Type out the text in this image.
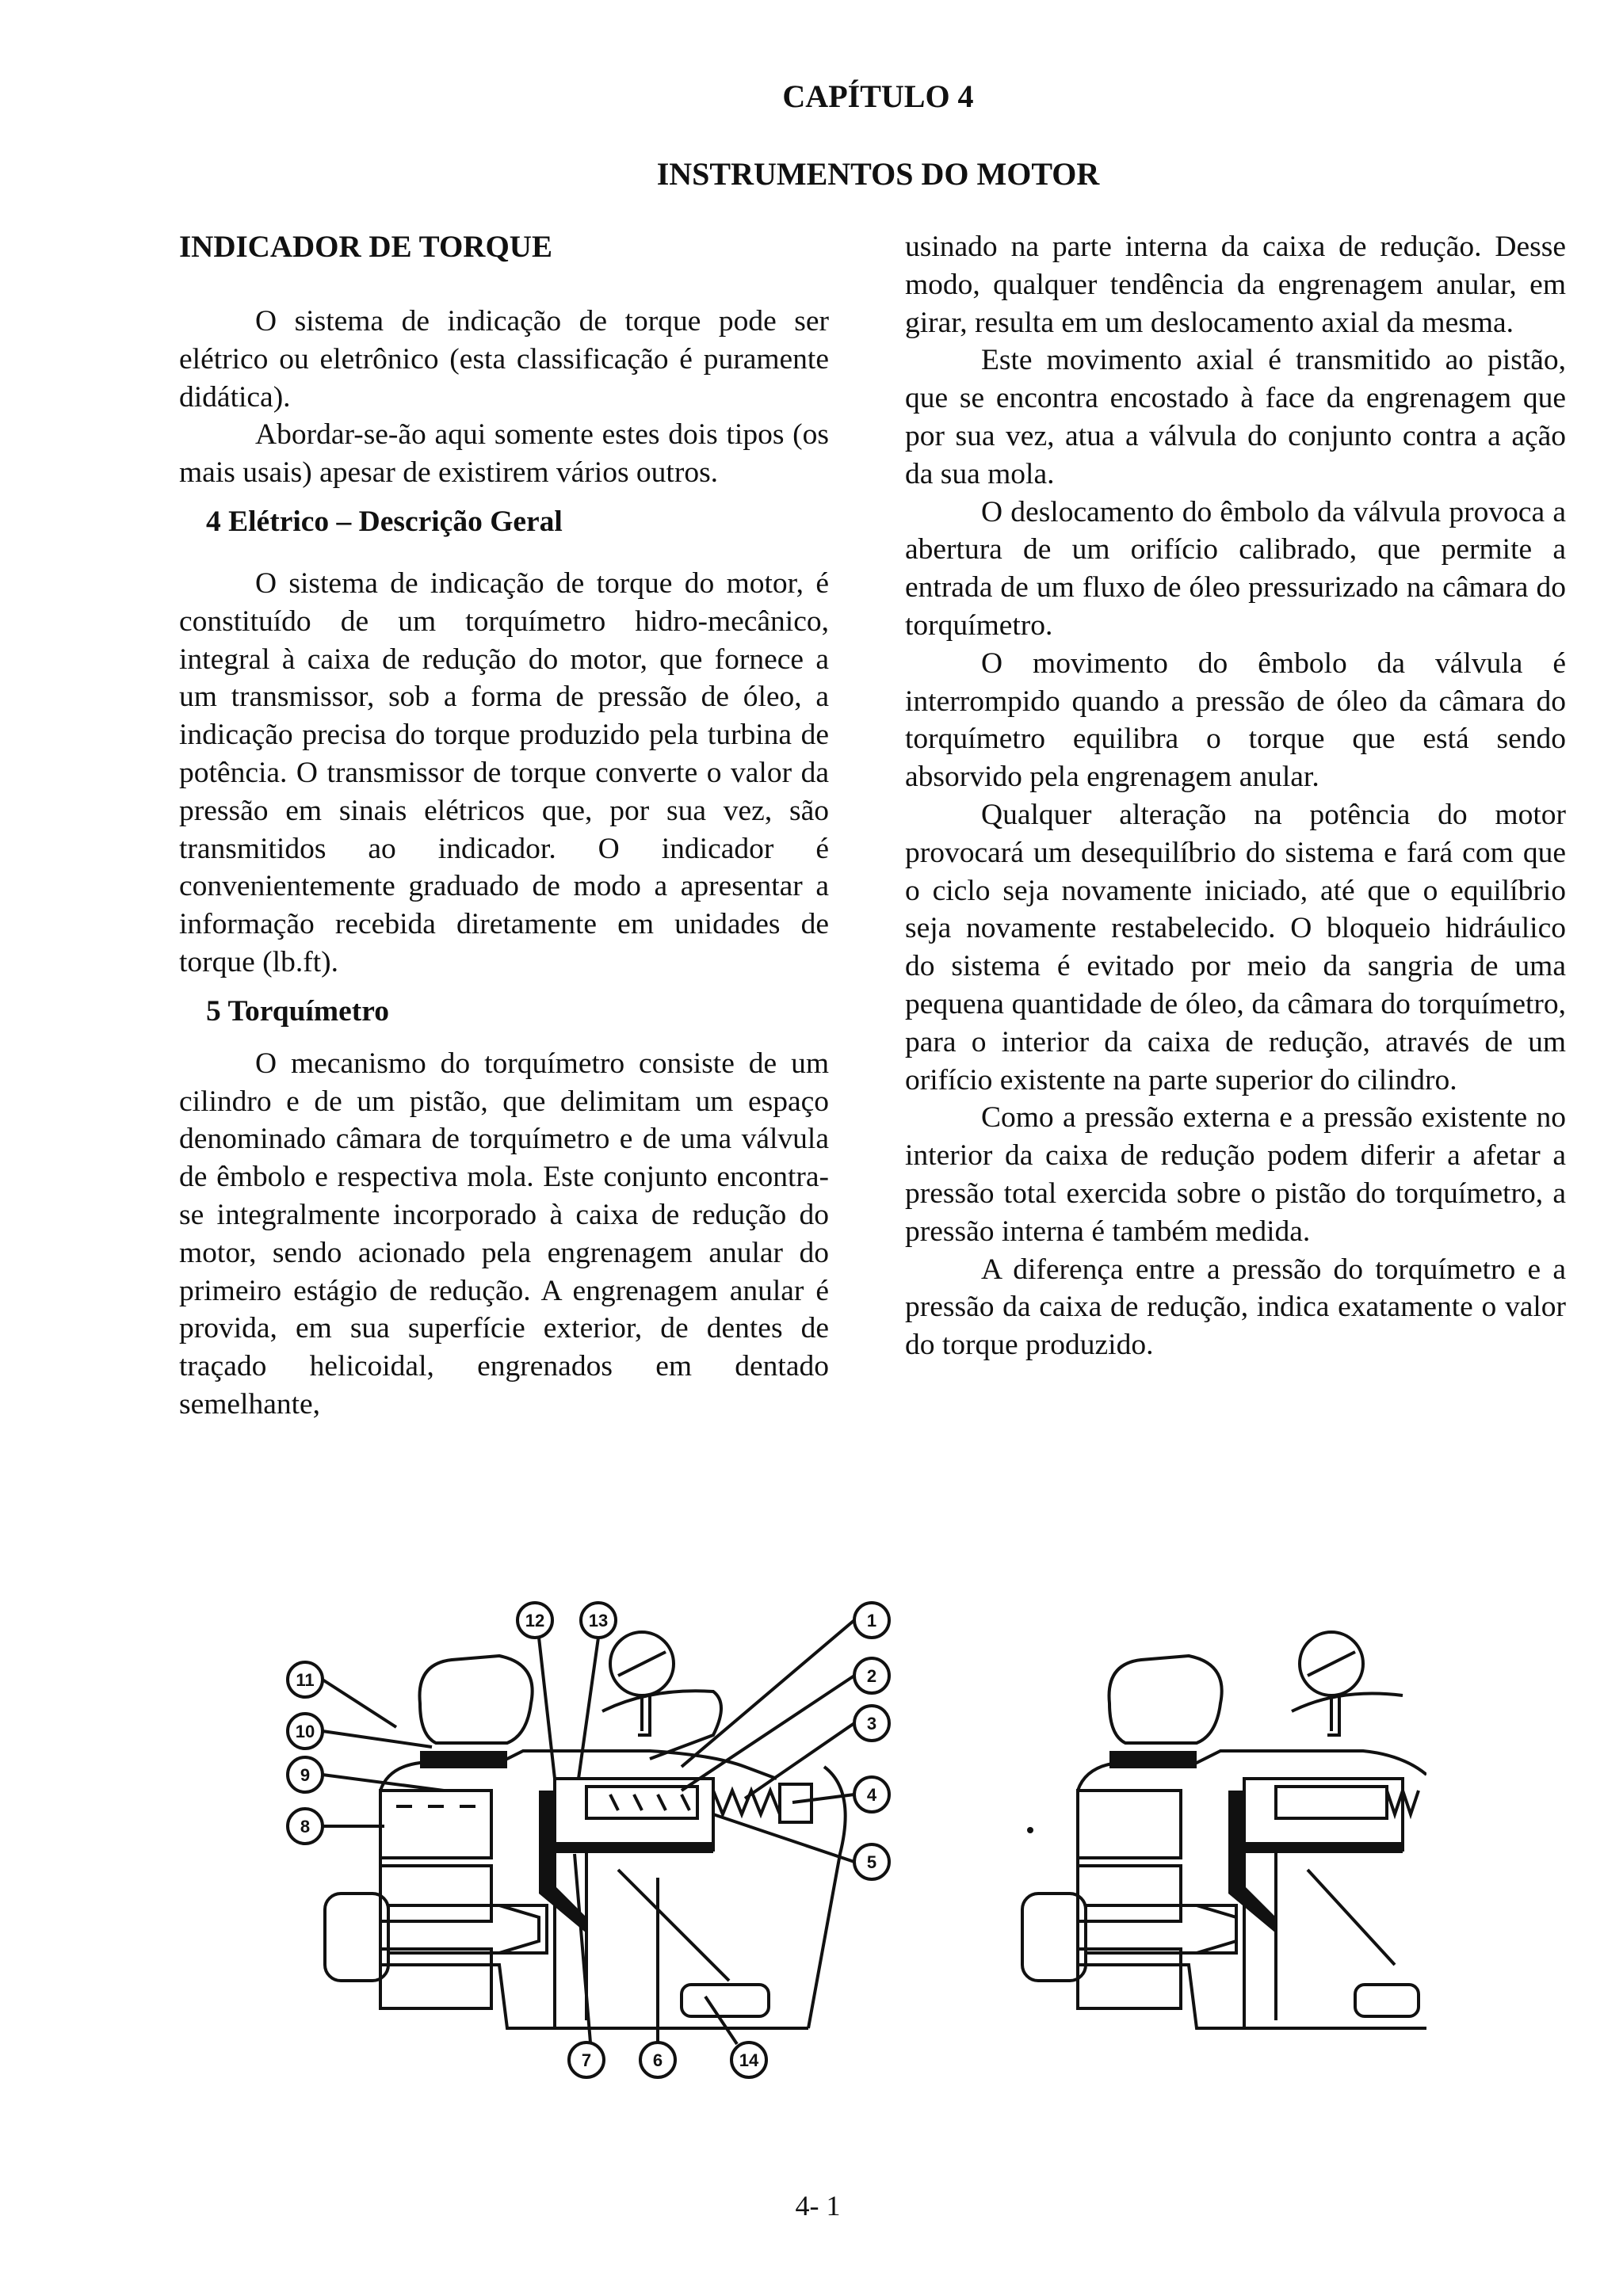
CAPÍTULO 4
INSTRUMENTOS DO MOTOR
INDICADOR DE TORQUE

O sistema de indicação de torque pode ser elétrico ou eletrônico (esta classificação é puramente didática).

Abordar-se-ão aqui somente estes dois tipos (os mais usais) apesar de existirem vários outros.

4 Elétrico – Descrição Geral

O sistema de indicação de torque do motor, é constituído de um torquímetro hidro-mecânico, integral à caixa de redução do motor, que fornece a um transmissor, sob a forma de pressão de óleo, a indicação precisa do torque produzido pela turbina de potência. O transmissor de torque converte o valor da pressão em sinais elétricos que, por sua vez, são transmitidos ao indicador. O indicador é convenientemente graduado de modo a apresentar a informação recebida diretamente em unidades de torque (lb.ft).

5 Torquímetro

O mecanismo do torquímetro consiste de um cilindro e de um pistão, que delimitam um espaço denominado câmara de torquímetro e de uma válvula de êmbolo e respectiva mola. Este conjunto encontra-se integralmente incorporado à caixa de redução do motor, sendo acionado pela engrenagem anular do primeiro estágio de redução. A engrenagem anular é provida, em sua superfície exterior, de dentes de traçado helicoidal, engrenados em dentado semelhante,

usinado na parte interna da caixa de redução. Desse modo, qualquer tendência da engrenagem anular, em girar, resulta em um deslocamento axial da mesma.

Este movimento axial é transmitido ao pistão, que se encontra encostado à face da engrenagem que por sua vez, atua a válvula do conjunto contra a ação da sua mola.

O deslocamento do êmbolo da válvula provoca a abertura de um orifício calibrado, que permite a entrada de um fluxo de óleo pressurizado na câmara do torquímetro.

O movimento do êmbolo da válvula é interrompido quando a pressão de óleo da câmara do torquímetro equilibra o torque que está sendo absorvido pela engrenagem anular.

Qualquer alteração na potência do motor provocará um desequilíbrio do sistema e fará com que o ciclo seja novamente iniciado, até que o equilíbrio seja novamente restabelecido. O bloqueio hidráulico do sistema é evitado por meio da sangria de uma pequena quantidade de óleo, da câmara do torquímetro, para o interior da caixa de redução, através de um orifício existente na parte superior do cilindro.

Como a pressão externa e a pressão existente no interior da caixa de redução podem diferir a afetar a pressão total exercida sobre o pistão do torquímetro, a pressão interna é também medida.

A diferença entre a pressão do torquímetro e a pressão da caixa de redução, indica exatamente o valor do torque produzido.

11
10
9
8
12	13	1
2
3
4
5
7	6	14
4- 1
